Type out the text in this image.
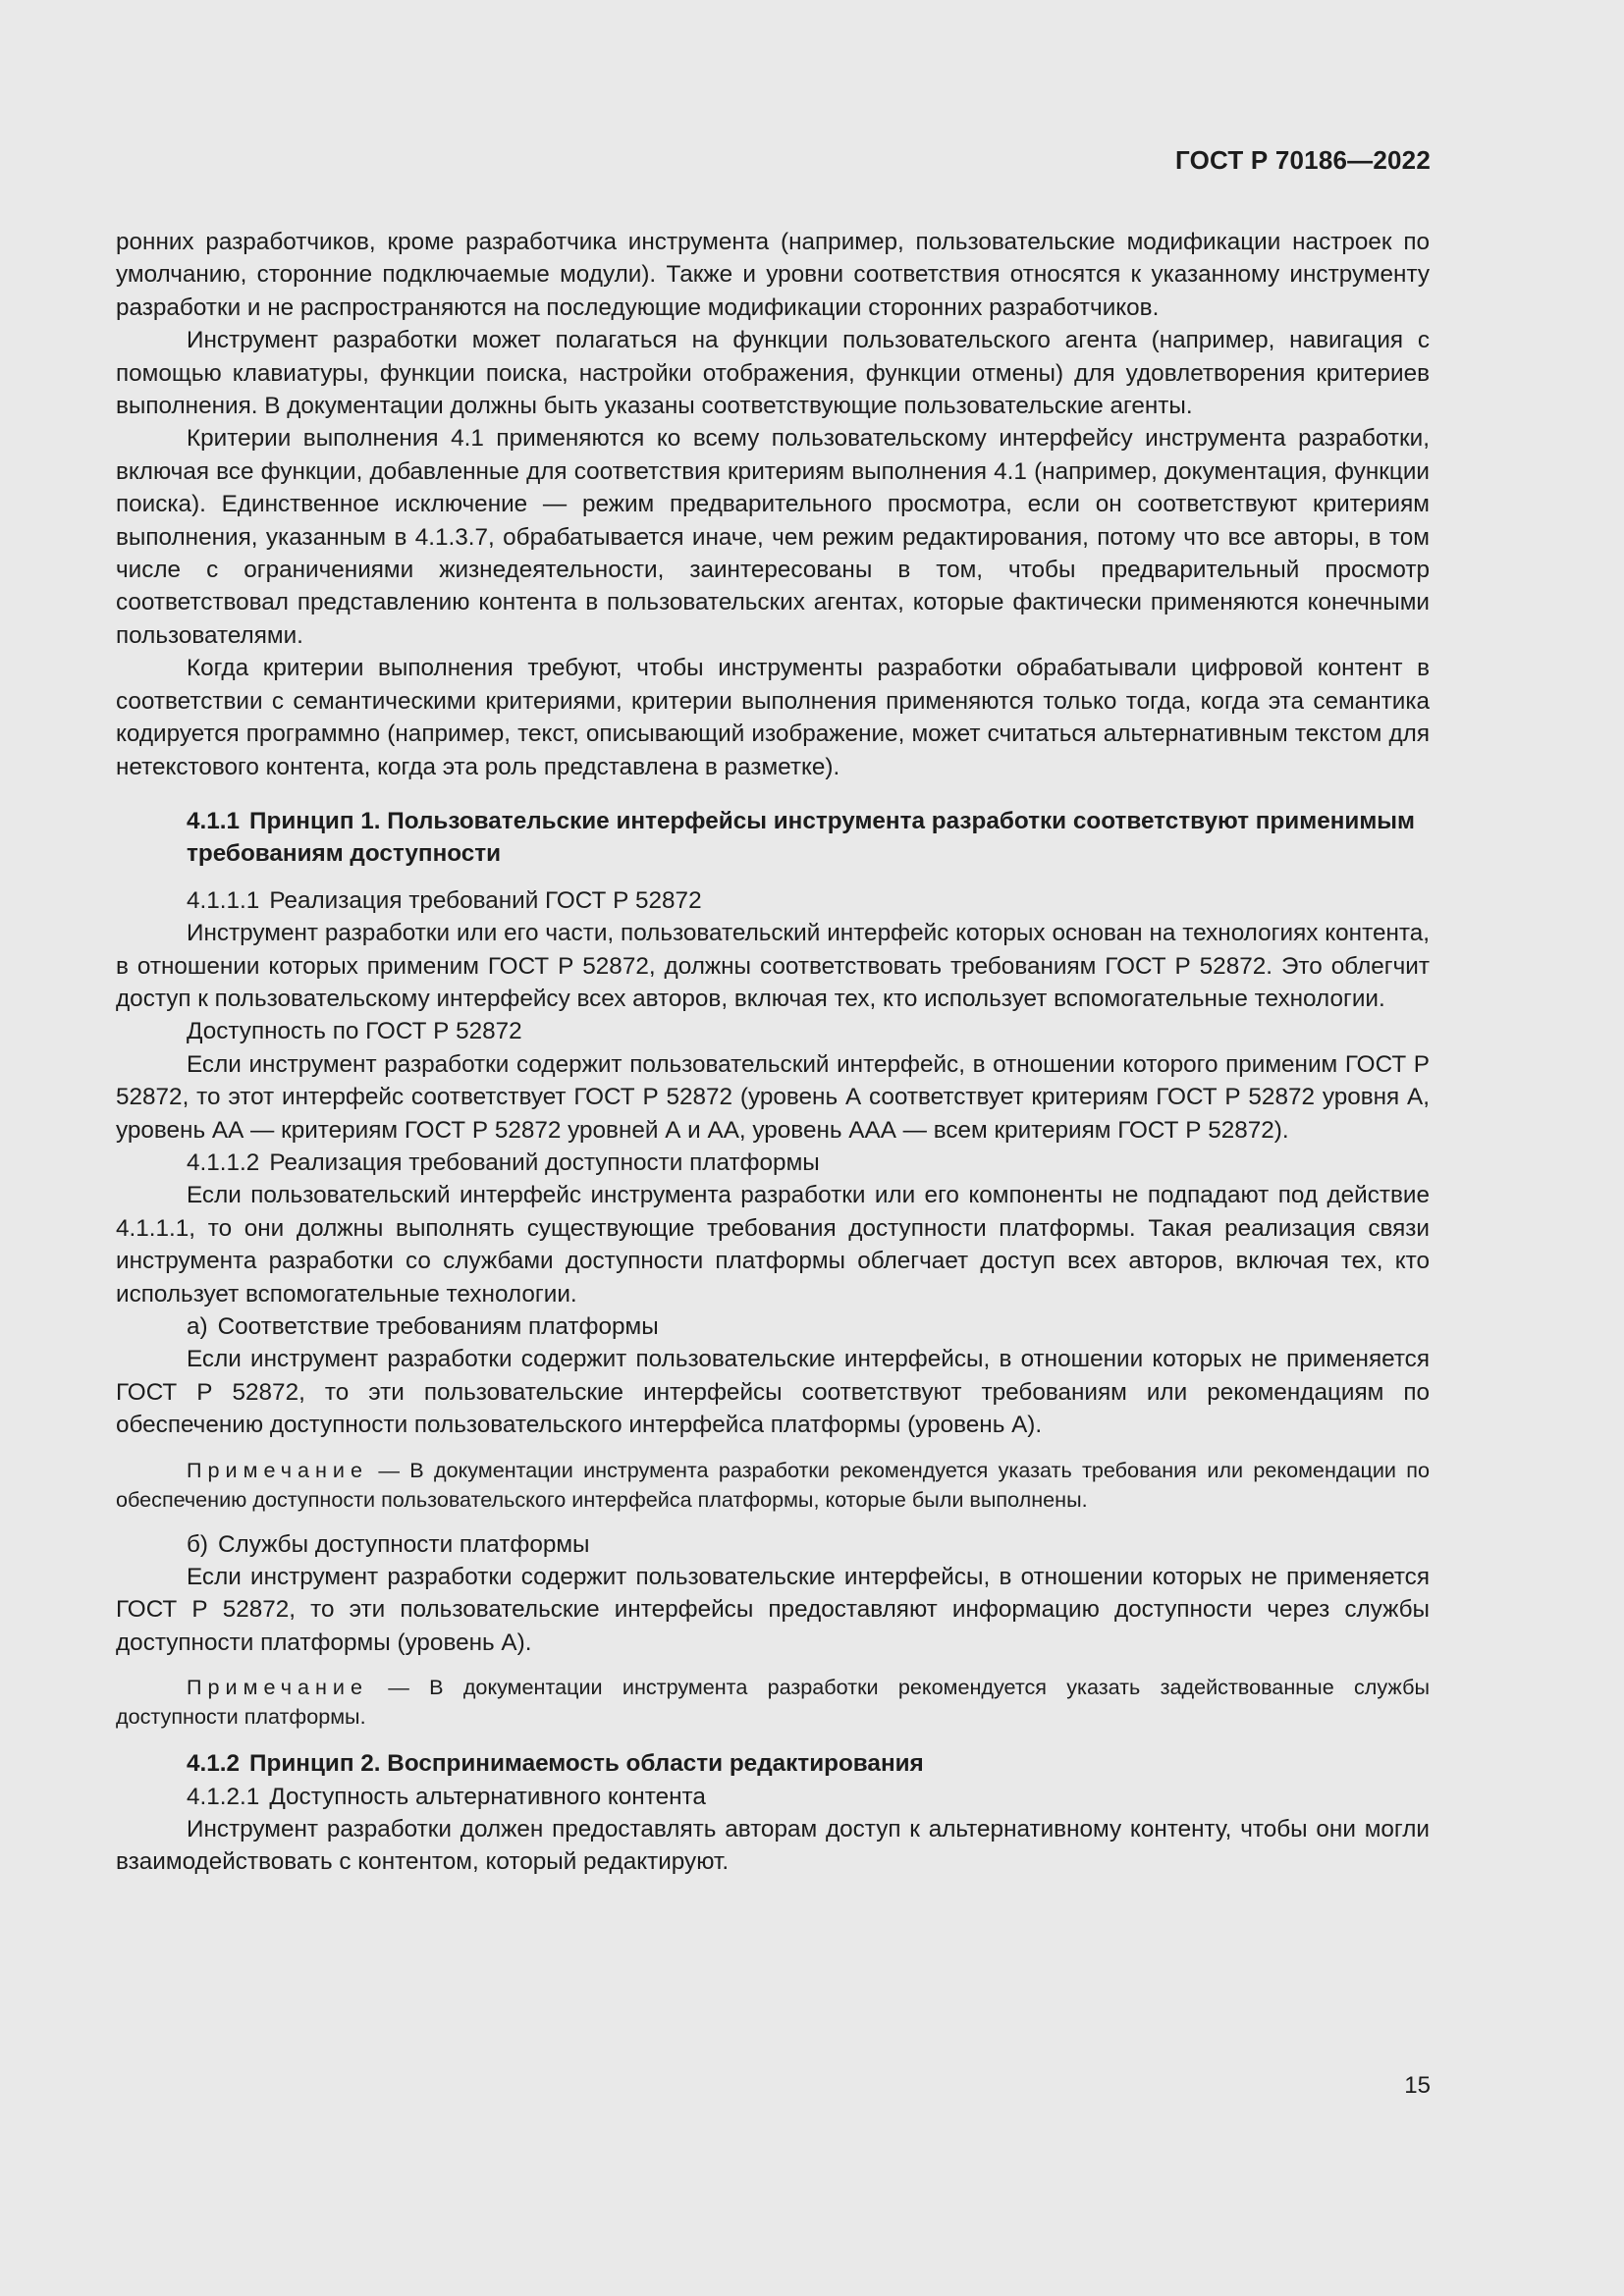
ГОСТ Р 70186—2022

ронних разработчиков, кроме разработчика инструмента (например, пользовательские модификации настроек по умолчанию, сторонние подключаемые модули). Также и уровни соответствия относятся к указанному инструменту разработки и не распространяются на последующие модификации сторонних разработчиков.

Инструмент разработки может полагаться на функции пользовательского агента (например, навигация с помощью клавиатуры, функции поиска, настройки отображения, функции отмены) для удовлетворения критериев выполнения. В документации должны быть указаны соответствующие пользовательские агенты.

Критерии выполнения 4.1 применяются ко всему пользовательскому интерфейсу инструмента разработки, включая все функции, добавленные для соответствия критериям выполнения 4.1 (например, документация, функции поиска). Единственное исключение — режим предварительного просмотра, если он соответствуют критериям выполнения, указанным в 4.1.3.7, обрабатывается иначе, чем режим редактирования, потому что все авторы, в том числе с ограничениями жизнедеятельности, заинтересованы в том, чтобы предварительный просмотр соответствовал представлению контента в пользовательских агентах, которые фактически применяются конечными пользователями.

Когда критерии выполнения требуют, чтобы инструменты разработки обрабатывали цифровой контент в соответствии с семантическими критериями, критерии выполнения применяются только тогда, когда эта семантика кодируется программно (например, текст, описывающий изображение, может считаться альтернативным текстом для нетекстового контента, когда эта роль представлена в разметке).

4.1.1 Принцип 1. Пользовательские интерфейсы инструмента разработки соответствуют применимым требованиям доступности

4.1.1.1 Реализация требований ГОСТ Р 52872

Инструмент разработки или его части, пользовательский интерфейс которых основан на технологиях контента, в отношении которых применим ГОСТ Р 52872, должны соответствовать требованиям ГОСТ Р 52872. Это облегчит доступ к пользовательскому интерфейсу всех авторов, включая тех, кто использует вспомогательные технологии.

Доступность по ГОСТ Р 52872

Если инструмент разработки содержит пользовательский интерфейс, в отношении которого применим ГОСТ Р 52872, то этот интерфейс соответствует ГОСТ Р 52872 (уровень А соответствует критериям ГОСТ Р 52872 уровня А, уровень АА — критериям ГОСТ Р 52872 уровней А и АА, уровень ААА — всем критериям ГОСТ Р 52872).

4.1.1.2 Реализация требований доступности платформы

Если пользовательский интерфейс инструмента разработки или его компоненты не подпадают под действие 4.1.1.1, то они должны выполнять существующие требования доступности платформы. Такая реализация связи инструмента разработки со службами доступности платформы облегчает доступ всех авторов, включая тех, кто использует вспомогательные технологии.

а) Соответствие требованиям платформы

Если инструмент разработки содержит пользовательские интерфейсы, в отношении которых не применяется ГОСТ Р 52872, то эти пользовательские интерфейсы соответствуют требованиям или рекомендациям по обеспечению доступности пользовательского интерфейса платформы (уровень А).

Примечание — В документации инструмента разработки рекомендуется указать требования или рекомендации по обеспечению доступности пользовательского интерфейса платформы, которые были выполнены.

б) Службы доступности платформы

Если инструмент разработки содержит пользовательские интерфейсы, в отношении которых не применяется ГОСТ Р 52872, то эти пользовательские интерфейсы предоставляют информацию доступности через службы доступности платформы (уровень А).

Примечание — В документации инструмента разработки рекомендуется указать задействованные службы доступности платформы.

4.1.2 Принцип 2. Воспринимаемость области редактирования

4.1.2.1 Доступность альтернативного контента

Инструмент разработки должен предоставлять авторам доступ к альтернативному контенту, чтобы они могли взаимодействовать с контентом, который редактируют.

15
